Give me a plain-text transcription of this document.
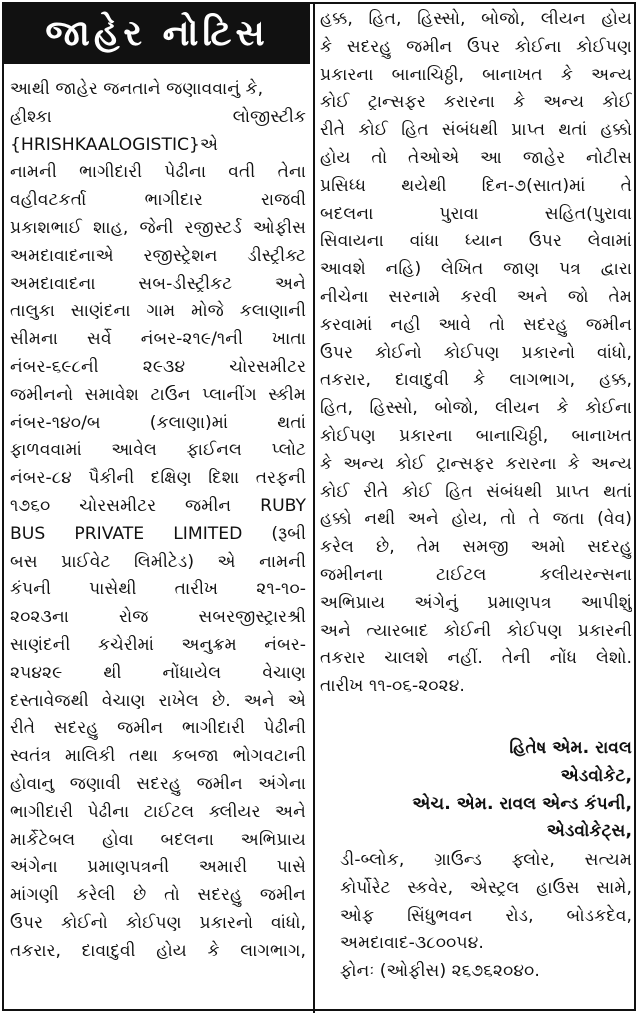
જાહેર નોટિસ
આથી જાહેર જનતાને જણાવવાનું કે,
હ્રીશ્કા લોજીસ્ટીક
{HRISHKAALOGISTIC}એ
નામની ભાગીદારી પેઢીના વતી તેના
વહીવટકર્તા ભાગીદાર રાજવી
પ્રકાશભાઈ શાહ, જેની રજીસ્ટર્ડ ઓફીસ
અમદાવાદનાએ રજીસ્ટ્રેશન ડીસ્ટ્રીક્ટ
અમદાવાદના સબ-ડીસ્ટ્રીકટ અને
તાલુકા સાણંદના ગામ મોજે કલાણાની
સીમના સર્વે નંબર-૨૧૯/૧ની ખાતા
નંબર-૬૯૮ની ૨૯૩૪ ચોરસમીટર
જમીનનો સમાવેશ ટાઉન પ્લાનીંગ સ્કીમ
નંબર-૧૪૦/બ (કલાણા)માં થતાં
ફાળવવામાં આવેલ ફાઈનલ પ્લોટ
નંબર-૮૪ પૈકીની દક્ષિણ દિશા તરફની
૧૭૬૦ ચોરસમીટર જમીન RUBY
BUS PRIVATE LIMITED (રૂબી
બસ પ્રાઈવેટ લિમીટેડ) એ નામની
કંપની પાસેથી તારીખ ૨૧-૧૦-
૨૦૨૩ના રોજ સબરજીસ્ટ્રારશ્રી
સાણંદની કચેરીમાં અનુક્રમ નંબર-
૨૫૪૨૯ થી નોંધાયેલ વેચાણ
દસ્તાવેજથી વેચાણ રાખેલ છે. અને એ
રીતે સદરહુ જમીન ભાગીદારી પેઢીની
સ્વતંત્ર માલિકી તથા કબજા ભોગવટાની
હોવાનુ જણાવી સદરહુ જમીન અંગેના
ભાગીદારી પેઢીના ટાઈટલ ક્લીયર અને
માર્કેટેબલ હોવા બદલના અભિપ્રાય
અંગેના પ્રમાણપત્રની અમારી પાસે
માંગણી કરેલી છે તો સદરહુ જમીન
ઉપર કોઈનો કોઈપણ પ્રકારનો વાંધો,
તકરાર, દાવાદુવી હોય કે લાગભાગ,
હક્ક, હિત, હિસ્સો, બોજો, લીયન હોય
કે સદરહુ જમીન ઉપર કોઈના કોઈપણ
પ્રકારના બાનાચિઠ્ઠી, બાનાખત કે અન્ય
કોઈ ટ્રાન્સફર કરારના કે અન્ય કોઈ
રીતે કોઈ હિત સંબંધથી પ્રાપ્ત થતાં હક્કો
હોય તો તેઓએ આ જાહેર નોટીસ
પ્રસિધ્ધ થયેથી દિન-૭(સાત)માં તે
બદલના પુરાવા સહિત(પુરાવા
સિવાયના વાંધા ધ્યાન ઉપર લેવામાં
આવશે નહિ) લેખિત જાણ પત્ર દ્વારા
નીચેના સરનામે કરવી અને જો તેમ
કરવામાં નહી આવે તો સદરહુ જમીન
ઉપર કોઈનો કોઈપણ પ્રકારનો વાંધો,
તકરાર, દાવાદુવી કે લાગભાગ, હક્ક,
હિત, હિસ્સો, બોજો, લીયન કે કોઈના
કોઈપણ પ્રકારના બાનાચિઠ્ઠી, બાનાખત
કે અન્ય કોઈ ટ્રાન્સફર કરારના કે અન્ય
કોઈ રીતે કોઈ હિત સંબંધથી પ્રાપ્ત થતાં
હક્કો નથી અને હોય, તો તે જતા (વેવ)
કરેલ છે, તેમ સમજી અમો સદરહુ
જમીનના ટાઈટલ કલીયરન્સના
અભિપ્રાય અંગેનું પ્રમાણપત્ર આપીશું
અને ત્યારબાદ કોઈની કોઈપણ પ્રકારની
તકરાર ચાલશે નહીં. તેની નોંધ લેશો.
તારીખ ૧૧-૦૬-૨૦૨૪.
હિતેષ એમ. રાવલ
એડવોકેટ,
એચ. એમ. રાવલ એન્ડ કંપની,
એડવોકેટ્સ,
ડી-બ્લોક, ગ્રાઉન્ડ ફ્લોર, સત્યમ
કોર્પોરેટ સ્કવેર, એસ્ટ્રલ હાઉસ સામે,
ઓફ સિંધુભવન રોડ, બોડકદેવ,
અમદાવાદ-૩૮૦૦૫૪.
ફોનઃ (ઓફીસ) ૨૬૭૬૨૦૪૦.
